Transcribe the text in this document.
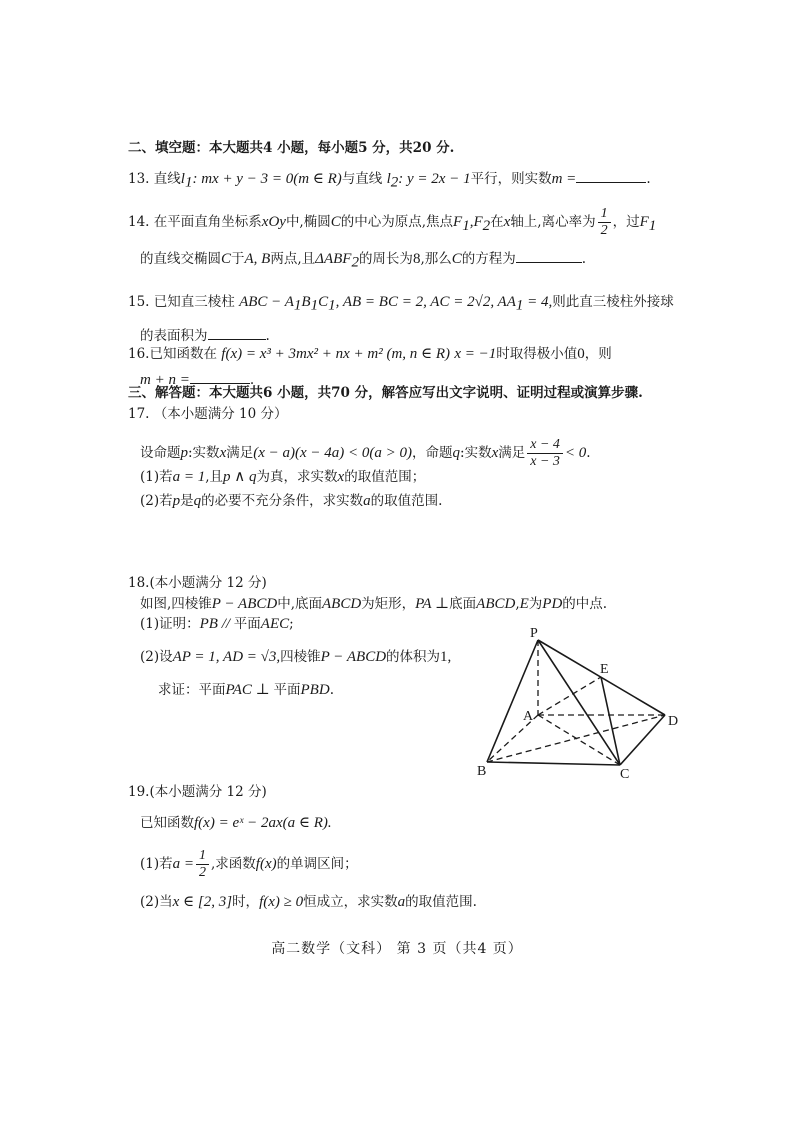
二、填空题：本大题共4 小题，每小题5 分，共20 分.
13. 直线$l_1$: mx + y − 3 = 0(m ∈ R)与直线 $l_2$: y = 2x − 1平行，则实数m =	.
14. 在平面直角坐标系xOy中,椭圆C的中心为原点,焦点$F_1,F_2$在x轴上,离心率为 $\frac{1}{2}$ ，过$F_1$
的直线交椭圆C于A, B两点,且$\Delta ABF_2$的周长为8,那么C的方程为	.
15. 已知直三棱柱 ABC − $A_1B_1C_1$, AB = BC = 2, AC = 2√2, $AA_1 = 4$,则此直三棱柱外接球
的表面积为	.
16.已知函数在 f(x) = x³ + 3mx² + nx + m² (m, n ∈ R) x = −1时取得极小值0，则
m + n =	.
三、解答题：本大题共6 小题，共70 分，解答应写出文字说明、证明过程或演算步骤.
17. （本小题满分 10 分）
设命题p:实数x满足(x − a)(x − 4a) < 0(a > 0)，命题q:实数x满足 $\frac{x - 4}{x - 3} < 0$.
(1)若a = 1,且p ∧ q为真，求实数x的取值范围；
(2)若p是q的必要不充分条件，求实数a的取值范围.
18.(本小题满分 12 分)
如图,四棱锥P − ABCD中,底面ABCD为矩形，PA ⊥底面ABCD,E为PD的中点.
(1)证明：PB // 平面AEC;
(2)设AP = 1, AD = √3,四棱锥P − ABCD的体积为1,
求证：平面PAC ⊥ 平面PBD.
P
E
A	D
B	C
19.(本小题满分 12 分)
已知函数f(x) = eˣ − 2ax(a ∈ R).
(1)若$a = \frac{1}{2}$ ,求函数f(x)的单调区间；
(2)当x ∈ [2, 3]时，f(x) ≥ 0恒成立，求实数a的取值范围.
高二数学（文科） 第 3 页（共4 页）
